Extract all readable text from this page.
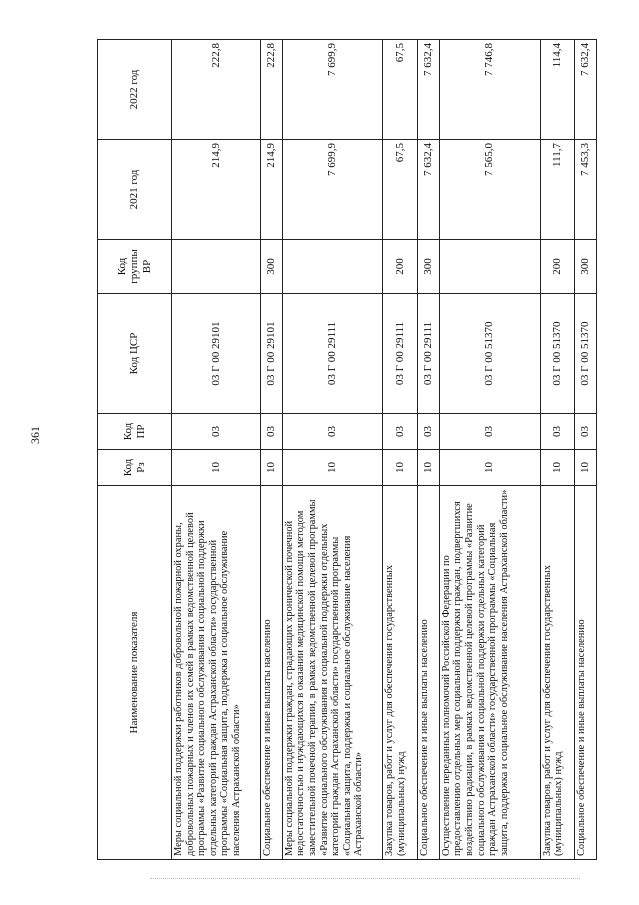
361
Наименование показателя	Код Рз	Код ПР	Код ЦСР	Код группы ВР	2021 год	2022 год
Меры социальной поддержки работников добровольной пожарной охраны, добровольных пожарных и членов их семей в рамках ведомственной целевой программы «Развитие социального обслуживания и социальной поддержки отдельных категорий граждан Астраханской области» государственной программы «Социальная защита, поддержка и социальное обслуживание населения Астраханской области»	10	03	03 Г 00 29101		214,9	222,8
Социальное обеспечение и иные выплаты населению	10	03	03 Г 00 29101	300	214,9	222,8
Меры социальной поддержки граждан, страдающих хронической почечной недостаточностью и нуждающихся в оказании медицинской помощи методом заместительной почечной терапии, в рамках ведомственной целевой программы «Развитие социального обслуживания и социальной поддержки отдельных категорий граждан Астраханской области» государственной программы «Социальная защита, поддержка и социальное обслуживание населения Астраханской области»	10	03	03 Г 00 29111		7 699,9	7 699,9
Закупка товаров, работ и услуг для обеспечения государственных (муниципальных) нужд	10	03	03 Г 00 29111	200	67,5	67,5
Социальное обеспечение и иные выплаты населению	10	03	03 Г 00 29111	300	7 632,4	7 632,4
Осуществление переданных полномочий Российской Федерации по предоставлению отдельных мер социальной поддержки граждан, подвергшихся воздействию радиации, в рамках ведомственной целевой программы «Развитие социального обслуживания и социальной поддержки отдельных категорий граждан Астраханской области» государственной программы «Социальная защита, поддержка и социальное обслуживание населения Астраханской области»	10	03	03 Г 00 51370		7 565,0	7 746,8
Закупка товаров, работ и услуг для обеспечения государственных (муниципальных) нужд	10	03	03 Г 00 51370	200	111,7	114,4
Социальное обеспечение и иные выплаты населению	10	03	03 Г 00 51370	300	7 453,3	7 632,4
